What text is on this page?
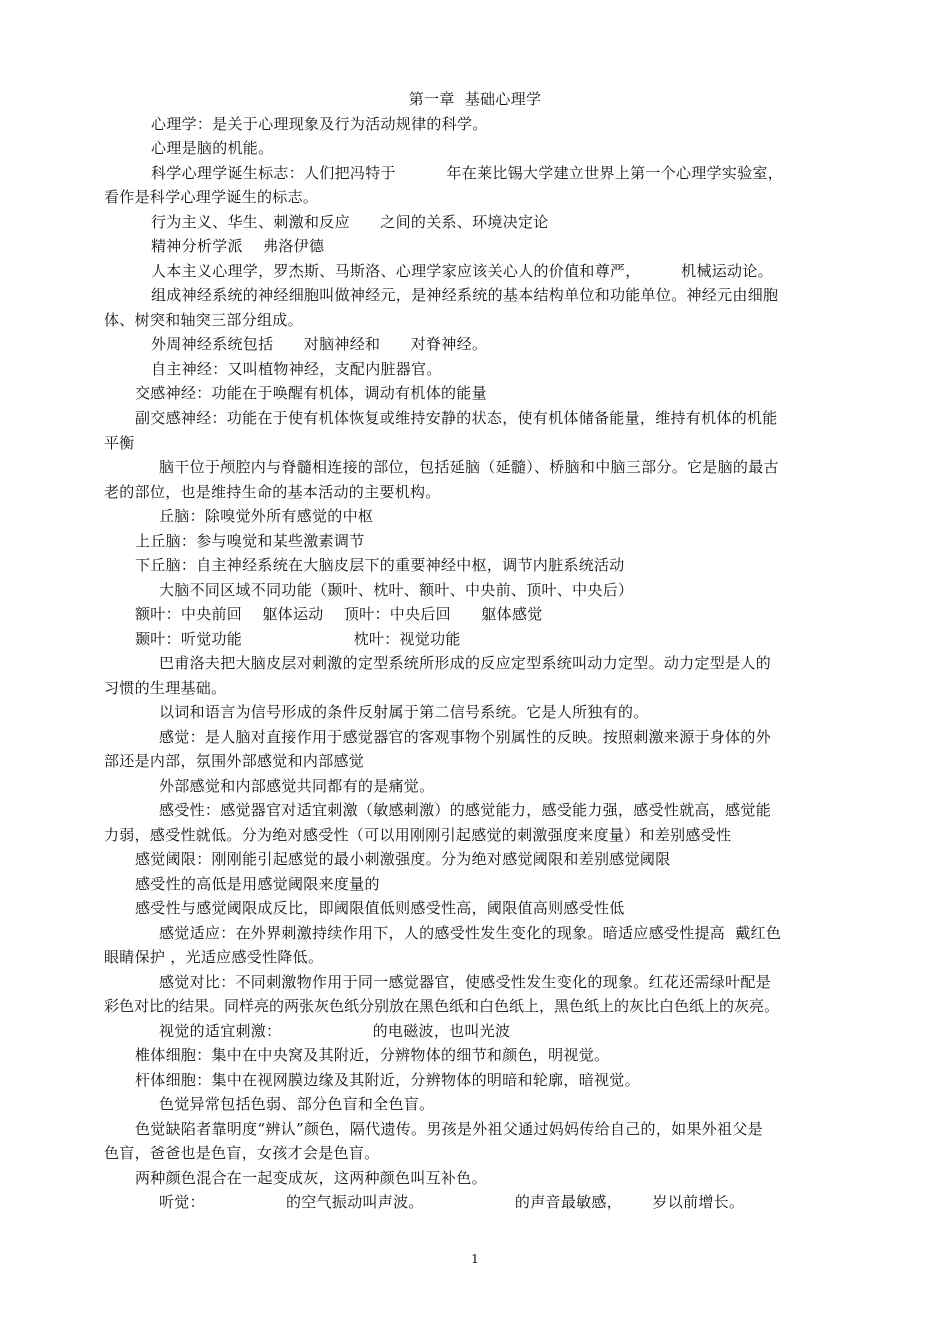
第一章  基础心理学
心理学：是关于心理现象及行为活动规律的科学。
心理是脑的机能。
科学心理学诞生标志：人们把冯特于          年在莱比锡大学建立世界上第一个心理学实验室，
看作是科学心理学诞生的标志。
行为主义、华生、刺激和反应      之间的关系、环境决定论
精神分析学派    弗洛伊德
人本主义心理学，罗杰斯、马斯洛、心理学家应该关心人的价值和尊严，        机械运动论。
组成神经系统的神经细胞叫做神经元，是神经系统的基本结构单位和功能单位。神经元由细胞
体、树突和轴突三部分组成。
外周神经系统包括      对脑神经和      对脊神经。
自主神经：又叫植物神经，支配内脏器官。
交感神经：功能在于唤醒有机体，调动有机体的能量
副交感神经：功能在于使有机体恢复或维持安静的状态，使有机体储备能量，维持有机体的机能
平衡
脑干位于颅腔内与脊髓相连接的部位，包括延脑（延髓）、桥脑和中脑三部分。它是脑的最古
老的部位，也是维持生命的基本活动的主要机构。
丘脑：除嗅觉外所有感觉的中枢
上丘脑：参与嗅觉和某些激素调节
下丘脑：自主神经系统在大脑皮层下的重要神经中枢，调节内脏系统活动
大脑不同区域不同功能（颞叶、枕叶、额叶、中央前、顶叶、中央后）
额叶：中央前回    躯体运动    顶叶：中央后回      躯体感觉
颞叶：听觉功能                      枕叶：视觉功能
巴甫洛夫把大脑皮层对刺激的定型系统所形成的反应定型系统叫动力定型。动力定型是人的
习惯的生理基础。
以词和语言为信号形成的条件反射属于第二信号系统。它是人所独有的。
感觉：是人脑对直接作用于感觉器官的客观事物个别属性的反映。按照刺激来源于身体的外
部还是内部，氛围外部感觉和内部感觉
外部感觉和内部感觉共同都有的是痛觉。
感受性：感觉器官对适宜刺激（敏感刺激）的感觉能力，感受能力强，感受性就高，感觉能
力弱，感受性就低。分为绝对感受性（可以用刚刚引起感觉的刺激强度来度量）和差别感受性
感觉阈限：刚刚能引起感觉的最小刺激强度。分为绝对感觉阈限和差别感觉阈限
感受性的高低是用感觉阈限来度量的
感受性与感觉阈限成反比，即阈限值低则感受性高，阈限值高则感受性低
感觉适应：在外界刺激持续作用下，人的感受性发生变化的现象。暗适应感受性提高  戴红色
眼睛保护 ，光适应感受性降低。
感觉对比：不同刺激物作用于同一感觉器官，使感受性发生变化的现象。红花还需绿叶配是
彩色对比的结果。同样亮的两张灰色纸分别放在黑色纸和白色纸上，黑色纸上的灰比白色纸上的灰亮。
视觉的适宜刺激：                  的电磁波，也叫光波
椎体细胞：集中在中央窝及其附近，分辨物体的细节和颜色，明视觉。
杆体细胞：集中在视网膜边缘及其附近，分辨物体的明暗和轮廓，暗视觉。
色觉异常包括色弱、部分色盲和全色盲。
色觉缺陷者靠明度“辨认”颜色，隔代遗传。男孩是外祖父通过妈妈传给自己的，如果外祖父是
色盲，爸爸也是色盲，女孩才会是色盲。
两种颜色混合在一起变成灰，这两种颜色叫互补色。
听觉：                的空气振动叫声波。                  的声音最敏感，      岁以前增长。
1
